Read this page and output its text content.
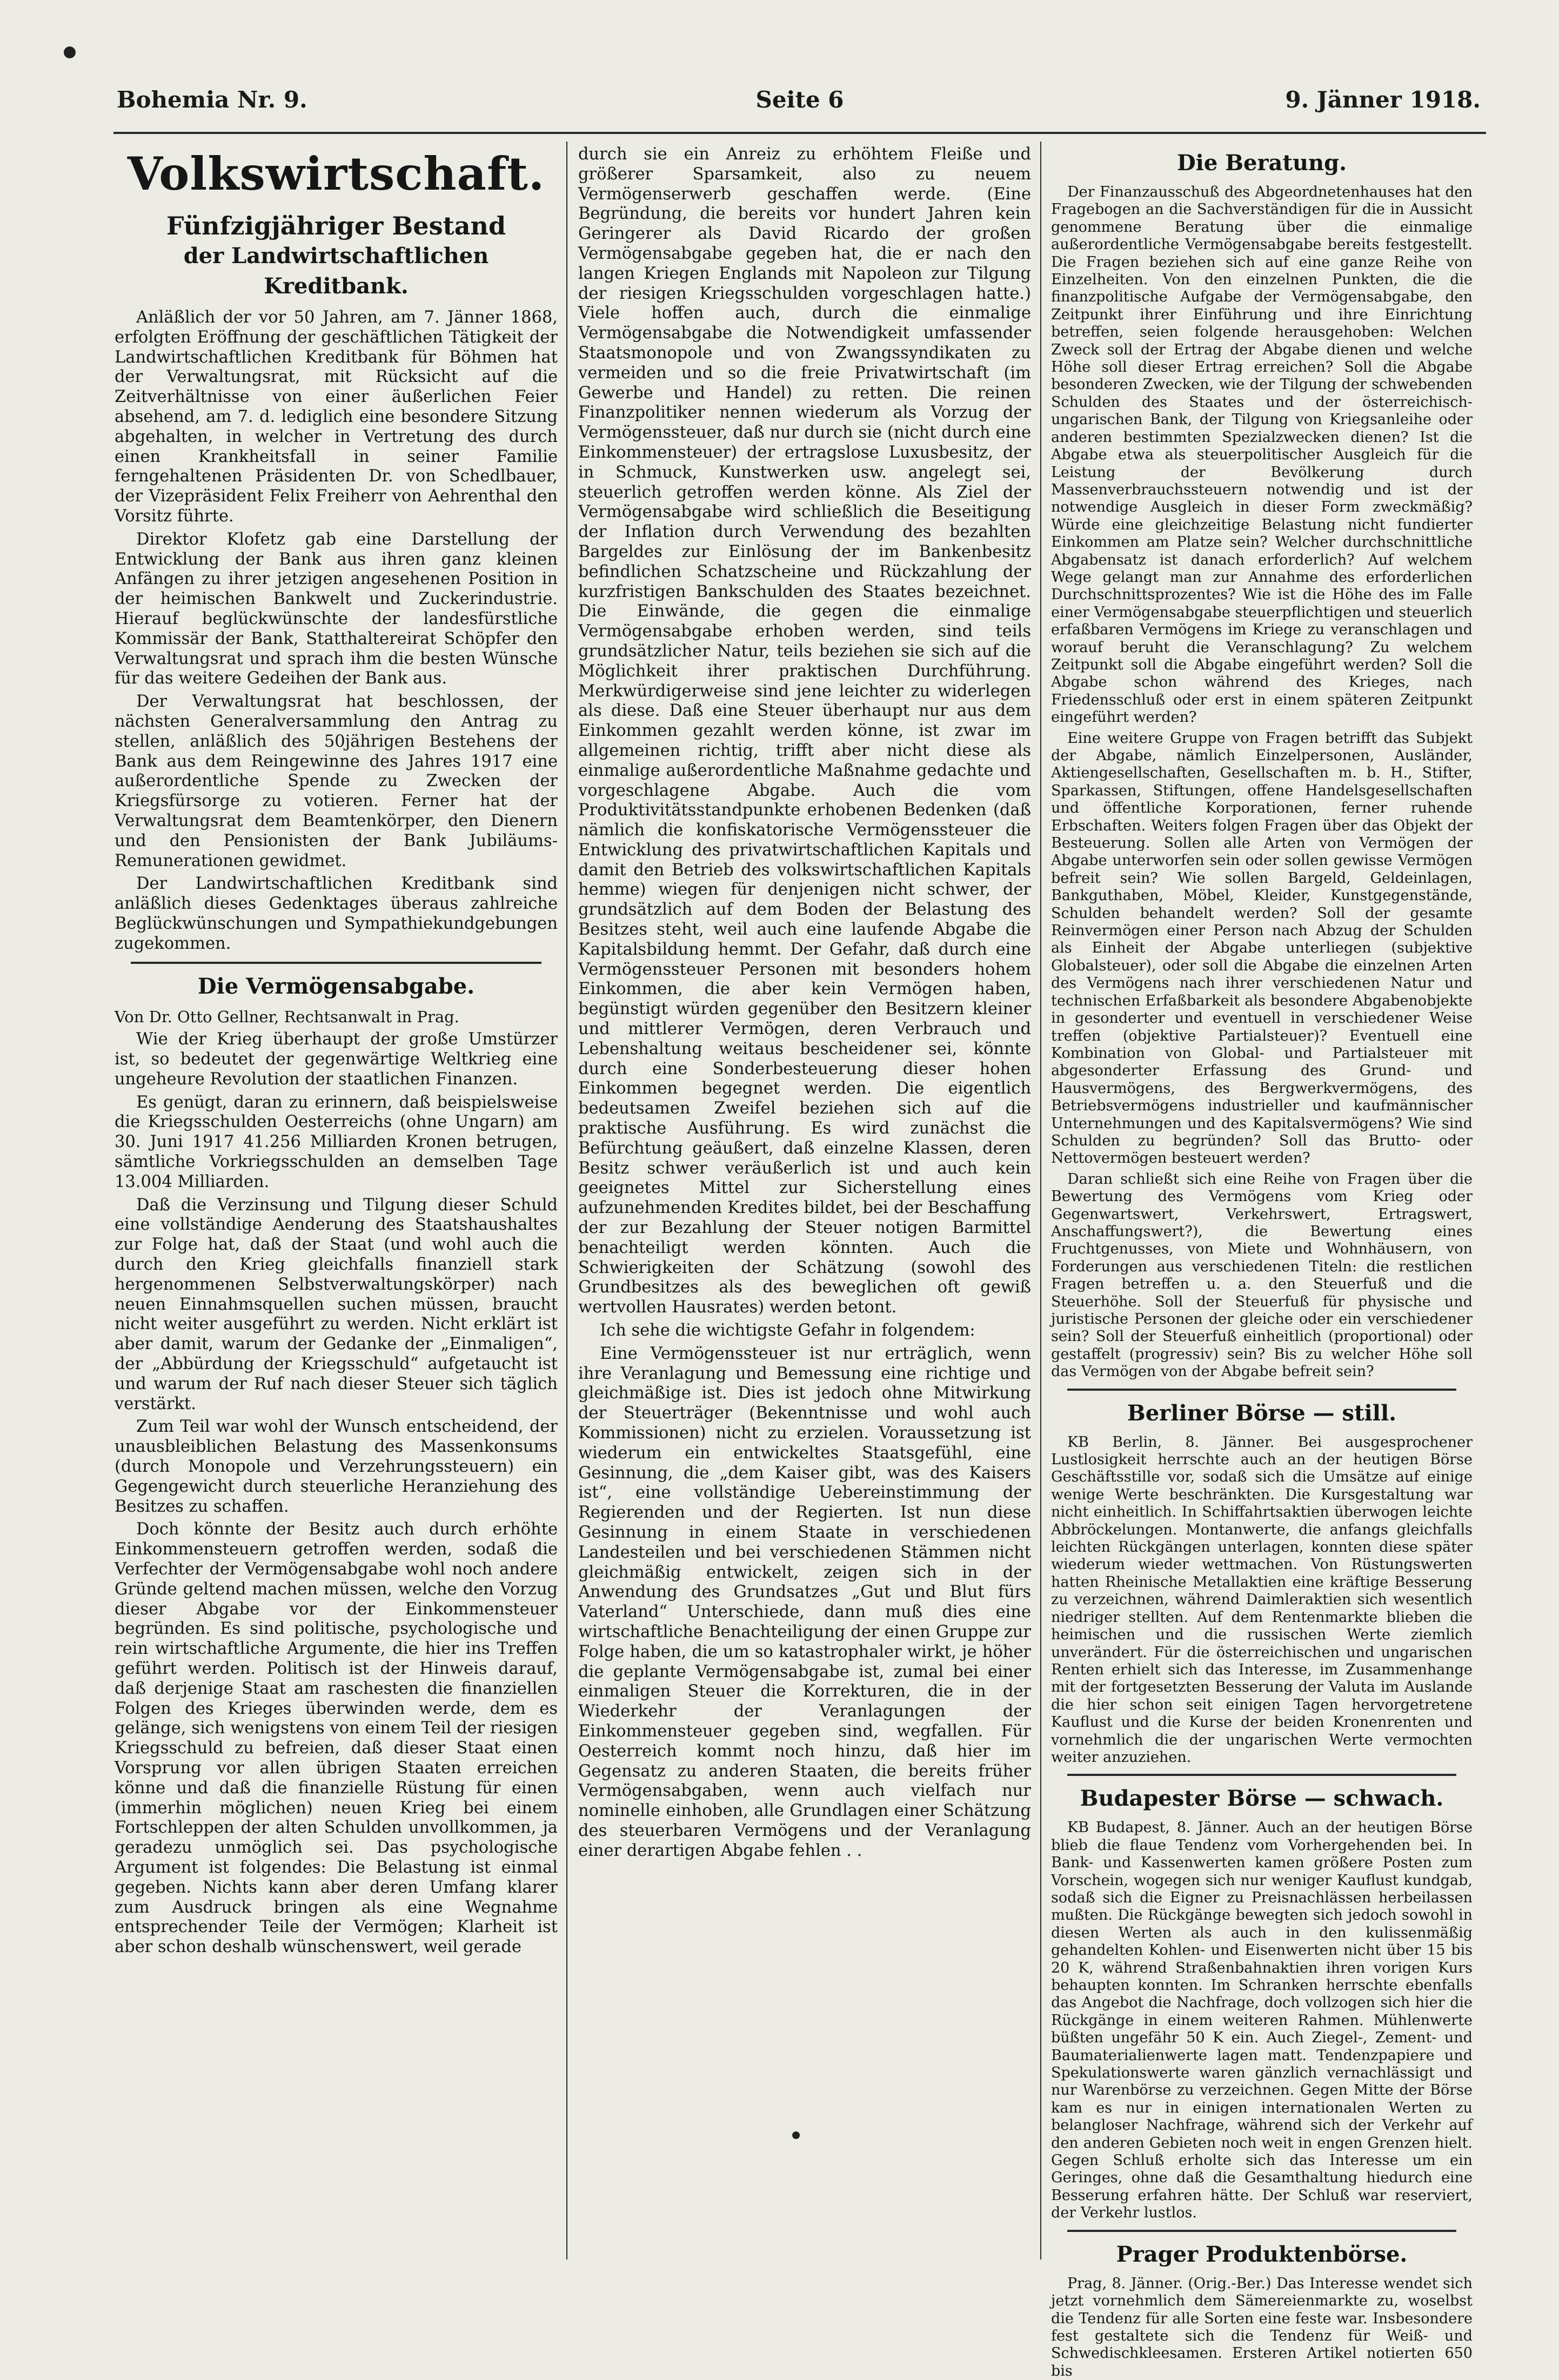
Bohemia Nr. 9.	Seite 6	9. Jänner 1918.
Volkswirtschaft.
Fünfzigjähriger Bestand
der Landwirtschaftlichen Kreditbank.

Anläßlich der vor 50 Jahren, am 7. Jänner 1868, erfolgten Eröffnung der geschäftlichen Tätigkeit der Landwirtschaftlichen Kreditbank für Böhmen hat der Verwaltungsrat, mit Rücksicht auf die Zeitverhältnisse von einer äußerlichen Feier absehend, am 7. d. lediglich eine besondere Sitzung abgehalten, in welcher in Vertretung des durch einen Krankheitsfall in seiner Familie ferngehaltenen Präsidenten Dr. von Schedlbauer, der Vizepräsident Felix Freiherr von Aehrenthal den Vorsitz führte.

Direktor Klofetz gab eine Darstellung der Entwicklung der Bank aus ihren ganz kleinen Anfängen zu ihrer jetzigen angesehenen Position in der heimischen Bankwelt und Zuckerindustrie. Hierauf beglückwünschte der landesfürstliche Kommissär der Bank, Statthaltereirat Schöpfer den Verwaltungsrat und sprach ihm die besten Wünsche für das weitere Gedeihen der Bank aus.

Der Verwaltungsrat hat beschlossen, der nächsten Generalversammlung den Antrag zu stellen, anläßlich des 50jährigen Bestehens der Bank aus dem Reingewinne des Jahres 1917 eine außerordentliche Spende zu Zwecken der Kriegsfürsorge zu votieren. Ferner hat der Verwaltungsrat dem Beamtenkörper, den Dienern und den Pensionisten der Bank Jubiläums-Remunerationen gewidmet.

Der Landwirtschaftlichen Kreditbank sind anläßlich dieses Gedenktages überaus zahlreiche Beglückwünschungen und Sympathiekundgebungen zugekommen.

Die Vermögensabgabe.
Von Dr. Otto Gellner, Rechtsanwalt in Prag.

Wie der Krieg überhaupt der große Umstürzer ist, so bedeutet der gegenwärtige Weltkrieg eine ungeheure Revolution der staatlichen Finanzen.

Es genügt, daran zu erinnern, daß beispielsweise die Kriegsschulden Oesterreichs (ohne Ungarn) am 30. Juni 1917 41.256 Milliarden Kronen betrugen, sämtliche Vorkriegsschulden an demselben Tage 13.004 Milliarden.

Daß die Verzinsung und Tilgung dieser Schuld eine vollständige Aenderung des Staatshaushaltes zur Folge hat, daß der Staat (und wohl auch die durch den Krieg gleichfalls finanziell stark hergenommenen Selbstverwaltungskörper) nach neuen Einnahmsquellen suchen müssen, braucht nicht weiter ausgeführt zu werden. Nicht erklärt ist aber damit, warum der Gedanke der „Einmaligen“, der „Abbürdung der Kriegsschuld“ aufgetaucht ist und warum der Ruf nach dieser Steuer sich täglich verstärkt.

Zum Teil war wohl der Wunsch entscheidend, der unausbleiblichen Belastung des Massenkonsums (durch Monopole und Verzehrungssteuern) ein Gegengewicht durch steuerliche Heranziehung des Besitzes zu schaffen.

Doch könnte der Besitz auch durch erhöhte Einkommensteuern getroffen werden, sodaß die Verfechter der Vermögensabgabe wohl noch andere Gründe geltend machen müssen, welche den Vorzug dieser Abgabe vor der Einkommensteuer begründen. Es sind politische, psychologische und rein wirtschaftliche Argumente, die hier ins Treffen geführt werden. Politisch ist der Hinweis darauf, daß derjenige Staat am raschesten die finanziellen Folgen des Krieges überwinden werde, dem es gelänge, sich wenigstens von einem Teil der riesigen Kriegsschuld zu befreien, daß dieser Staat einen Vorsprung vor allen übrigen Staaten erreichen könne und daß die finanzielle Rüstung für einen (immerhin möglichen) neuen Krieg bei einem Fortschleppen der alten Schulden unvollkommen, ja geradezu unmöglich sei. Das psychologische Argument ist folgendes: Die Belastung ist einmal gegeben. Nichts kann aber deren Umfang klarer zum Ausdruck bringen als eine Wegnahme entsprechender Teile der Vermögen; Klarheit ist aber schon deshalb wünschenswert, weil gerade

durch sie ein Anreiz zu erhöhtem Fleiße und größerer Sparsamkeit, also zu neuem Vermögenserwerb geschaffen werde. (Eine Begründung, die bereits vor hundert Jahren kein Geringerer als David Ricardo der großen Vermögensabgabe gegeben hat, die er nach den langen Kriegen Englands mit Napoleon zur Tilgung der riesigen Kriegsschulden vorgeschlagen hatte.) Viele hoffen auch, durch die einmalige Vermögensabgabe die Notwendigkeit umfassender Staatsmonopole und von Zwangssyndikaten zu vermeiden und so die freie Privatwirtschaft (im Gewerbe und Handel) zu retten. Die reinen Finanzpolitiker nennen wiederum als Vorzug der Vermögenssteuer, daß nur durch sie (nicht durch eine Einkommensteuer) der ertragslose Luxusbesitz, der in Schmuck, Kunstwerken usw. angelegt sei, steuerlich getroffen werden könne. Als Ziel der Vermögensabgabe wird schließlich die Beseitigung der Inflation durch Verwendung des bezahlten Bargeldes zur Einlösung der im Bankenbesitz befindlichen Schatzscheine und Rückzahlung der kurzfristigen Bankschulden des Staates bezeichnet. Die Einwände, die gegen die einmalige Vermögensabgabe erhoben werden, sind teils grundsätzlicher Natur, teils beziehen sie sich auf die Möglichkeit ihrer praktischen Durchführung. Merkwürdigerweise sind jene leichter zu widerlegen als diese. Daß eine Steuer überhaupt nur aus dem Einkommen gezahlt werden könne, ist zwar im allgemeinen richtig, trifft aber nicht diese als einmalige außerordentliche Maßnahme gedachte und vorgeschlagene Abgabe. Auch die vom Produktivitätsstandpunkte erhobenen Bedenken (daß nämlich die konfiskatorische Vermögenssteuer die Entwicklung des privatwirtschaftlichen Kapitals und damit den Betrieb des volkswirtschaftlichen Kapitals hemme) wiegen für denjenigen nicht schwer, der grundsätzlich auf dem Boden der Belastung des Besitzes steht, weil auch eine laufende Abgabe die Kapitalsbildung hemmt. Der Gefahr, daß durch eine Vermögenssteuer Personen mit besonders hohem Einkommen, die aber kein Vermögen haben, begünstigt würden gegenüber den Besitzern kleiner und mittlerer Vermögen, deren Verbrauch und Lebenshaltung weitaus bescheidener sei, könnte durch eine Sonderbesteuerung dieser hohen Einkommen begegnet werden. Die eigentlich bedeutsamen Zweifel beziehen sich auf die praktische Ausführung. Es wird zunächst die Befürchtung geäußert, daß einzelne Klassen, deren Besitz schwer veräußerlich ist und auch kein geeignetes Mittel zur Sicherstellung eines aufzunehmenden Kredites bildet, bei der Beschaffung der zur Bezahlung der Steuer notigen Barmittel benachteiligt werden könnten. Auch die Schwierigkeiten der Schätzung (sowohl des Grundbesitzes als des beweglichen oft gewiß wertvollen Hausrates) werden betont.

Ich sehe die wichtigste Gefahr in folgendem:

Eine Vermögenssteuer ist nur erträglich, wenn ihre Veranlagung und Bemessung eine richtige und gleichmäßige ist. Dies ist jedoch ohne Mitwirkung der Steuerträger (Bekenntnisse und wohl auch Kommissionen) nicht zu erzielen. Voraussetzung ist wiederum ein entwickeltes Staatsgefühl, eine Gesinnung, die „dem Kaiser gibt, was des Kaisers ist“, eine vollständige Uebereinstimmung der Regierenden und der Regierten. Ist nun diese Gesinnung in einem Staate in verschiedenen Landesteilen und bei verschiedenen Stämmen nicht gleichmäßig entwickelt, zeigen sich in der Anwendung des Grundsatzes „Gut und Blut fürs Vaterland“ Unterschiede, dann muß dies eine wirtschaftliche Benachteiligung der einen Gruppe zur Folge haben, die um so katastrophaler wirkt, je höher die geplante Vermögensabgabe ist, zumal bei einer einmaligen Steuer die Korrekturen, die in der Wiederkehr der Veranlagungen der Einkommensteuer gegeben sind, wegfallen. Für Oesterreich kommt noch hinzu, daß hier im Gegensatz zu anderen Staaten, die bereits früher Vermögensabgaben, wenn auch vielfach nur nominelle einhoben, alle Grundlagen einer Schätzung des steuerbaren Vermögens und der Veranlagung einer derartigen Abgabe fehlen . .

Die Beratung.

Der Finanzausschuß des Abgeordnetenhauses hat den Fragebogen an die Sachverständigen für die in Aussicht genommene Beratung über die einmalige außerordentliche Vermögensabgabe bereits festgestellt. Die Fragen beziehen sich auf eine ganze Reihe von Einzelheiten. Von den einzelnen Punkten, die die finanzpolitische Aufgabe der Vermögensabgabe, den Zeitpunkt ihrer Einführung und ihre Einrichtung betreffen, seien folgende herausgehoben: Welchen Zweck soll der Ertrag der Abgabe dienen und welche Höhe soll dieser Ertrag erreichen? Soll die Abgabe besonderen Zwecken, wie der Tilgung der schwebenden Schulden des Staates und der österreichisch-ungarischen Bank, der Tilgung von Kriegsanleihe oder anderen bestimmten Spezialzwecken dienen? Ist die Abgabe etwa als steuerpolitischer Ausgleich für die Leistung der Bevölkerung durch Massenverbrauchssteuern notwendig und ist der notwendige Ausgleich in dieser Form zweckmäßig? Würde eine gleichzeitige Belastung nicht fundierter Einkommen am Platze sein? Welcher durchschnittliche Abgabensatz ist danach erforderlich? Auf welchem Wege gelangt man zur Annahme des erforderlichen Durchschnittsprozentes? Wie ist die Höhe des im Falle einer Vermögensabgabe steuerpflichtigen und steuerlich erfaßbaren Vermögens im Kriege zu veranschlagen und worauf beruht die Veranschlagung? Zu welchem Zeitpunkt soll die Abgabe eingeführt werden? Soll die Abgabe schon während des Krieges, nach Friedensschluß oder erst in einem späteren Zeitpunkt eingeführt werden?

Eine weitere Gruppe von Fragen betrifft das Subjekt der Abgabe, nämlich Einzelpersonen, Ausländer, Aktiengesellschaften, Gesellschaften m. b. H., Stifter, Sparkassen, Stiftungen, offene Handelsgesellschaften und öffentliche Korporationen, ferner ruhende Erbschaften. Weiters folgen Fragen über das Objekt der Besteuerung. Sollen alle Arten von Vermögen der Abgabe unterworfen sein oder sollen gewisse Vermögen befreit sein? Wie sollen Bargeld, Geldeinlagen, Bankguthaben, Möbel, Kleider, Kunstgegenstände, Schulden behandelt werden? Soll der gesamte Reinvermögen einer Person nach Abzug der Schulden als Einheit der Abgabe unterliegen (subjektive Globalsteuer), oder soll die Abgabe die einzelnen Arten des Vermögens nach ihrer verschiedenen Natur und technischen Erfaßbarkeit als besondere Abgabenobjekte in gesonderter und eventuell in verschiedener Weise treffen (objektive Partialsteuer)? Eventuell eine Kombination von Global- und Partialsteuer mit abgesonderter Erfassung des Grund- und Hausvermögens, des Bergwerkvermögens, des Betriebsvermögens industrieller und kaufmännischer Unternehmungen und des Kapitalsvermögens? Wie sind Schulden zu begründen? Soll das Brutto- oder Nettovermögen besteuert werden?

Daran schließt sich eine Reihe von Fragen über die Bewertung des Vermögens vom Krieg oder Gegenwartswert, Verkehrswert, Ertragswert, Anschaffungswert?), die Bewertung eines Fruchtgenusses, von Miete und Wohnhäusern, von Forderungen aus verschiedenen Titeln: die restlichen Fragen betreffen u. a. den Steuerfuß und die Steuerhöhe. Soll der Steuerfuß für physische und juristische Personen der gleiche oder ein verschiedener sein? Soll der Steuerfuß einheitlich (proportional) oder gestaffelt (progressiv) sein? Bis zu welcher Höhe soll das Vermögen von der Abgabe befreit sein?

Berliner Börse — still.

KB Berlin, 8. Jänner. Bei ausgesprochener Lustlosigkeit herrschte auch an der heutigen Börse Geschäftsstille vor, sodaß sich die Umsätze auf einige wenige Werte beschränkten. Die Kursgestaltung war nicht einheitlich. In Schiffahrtsaktien überwogen leichte Abbröckelungen. Montanwerte, die anfangs gleichfalls leichten Rückgängen unterlagen, konnten diese später wiederum wieder wettmachen. Von Rüstungswerten hatten Rheinische Metallaktien eine kräftige Besserung zu verzeichnen, während Daimleraktien sich wesentlich niedriger stellten. Auf dem Rentenmarkte blieben die heimischen und die russischen Werte ziemlich unverändert. Für die österreichischen und ungarischen Renten erhielt sich das Interesse, im Zusammenhange mit der fortgesetzten Besserung der Valuta im Auslande die hier schon seit einigen Tagen hervorgetretene Kauflust und die Kurse der beiden Kronenrenten und vornehmlich die der ungarischen Werte vermochten weiter anzuziehen.

Budapester Börse — schwach.

KB Budapest, 8. Jänner. Auch an der heutigen Börse blieb die flaue Tendenz vom Vorhergehenden bei. In Bank- und Kassenwerten kamen größere Posten zum Vorschein, wogegen sich nur weniger Kauflust kundgab, sodaß sich die Eigner zu Preisnachlässen herbeilassen mußten. Die Rückgänge bewegten sich jedoch sowohl in diesen Werten als auch in den kulissenmäßig gehandelten Kohlen- und Eisenwerten nicht über 15 bis 20 K, während Straßenbahnaktien ihren vorigen Kurs behaupten konnten. Im Schranken herrschte ebenfalls das Angebot die Nachfrage, doch vollzogen sich hier die Rückgänge in einem weiteren Rahmen. Mühlenwerte büßten ungefähr 50 K ein. Auch Ziegel-, Zement- und Baumaterialienwerte lagen matt. Tendenzpapiere und Spekulationswerte waren gänzlich vernachlässigt und nur Warenbörse zu verzeichnen. Gegen Mitte der Börse kam es nur in einigen internationalen Werten zu belangloser Nachfrage, während sich der Verkehr auf den anderen Gebieten noch weit in engen Grenzen hielt. Gegen Schluß erholte sich das Interesse um ein Geringes, ohne daß die Gesamthaltung hiedurch eine Besserung erfahren hätte. Der Schluß war reserviert, der Verkehr lustlos.

Prager Produktenbörse.

Prag, 8. Jänner. (Orig.-Ber.) Das Interesse wendet sich jetzt vornehmlich dem Sämereienmarkte zu, woselbst die Tendenz für alle Sorten eine feste war. Insbesondere fest gestaltete sich die Tendenz für Weiß- und Schwedischkleesamen. Ersteren Artikel notierten 650 bis
